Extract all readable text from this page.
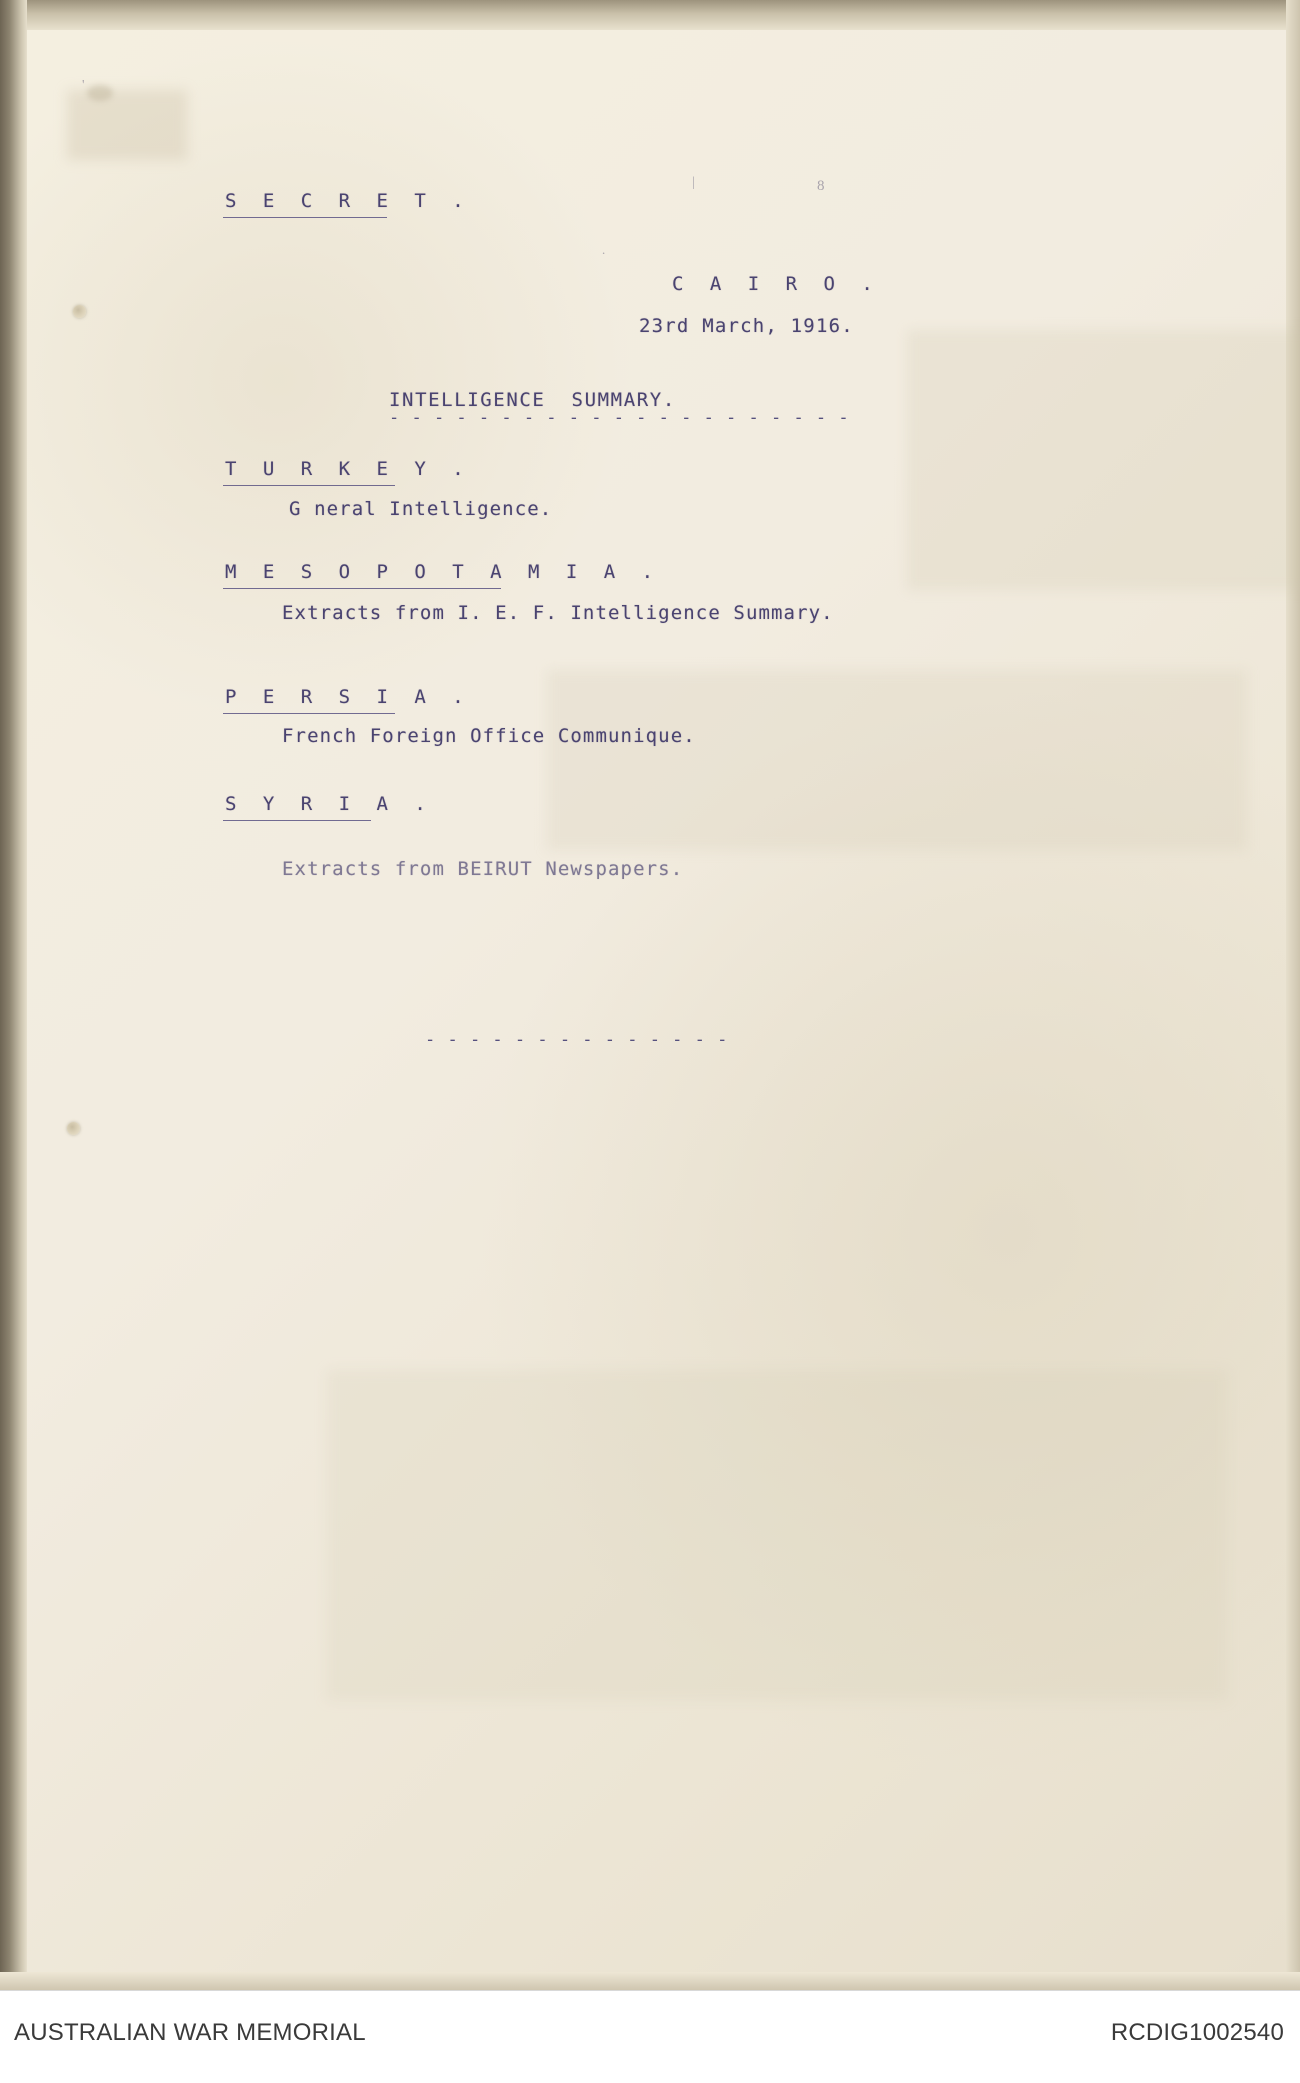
8
|
.
'
S E C R E T .
C A I R O .
23rd March, 1916.
INTELLIGENCE  SUMMARY.
- - - - - - - - - - - - - - - - - - - - -
T U R K E Y .
G neral Intelligence.
M E S O P O T A M I A .
Extracts from I. E. F. Intelligence Summary.
P E R S I A .
French Foreign Office Communique.
S Y R I A .
Extracts from BEIRUT Newspapers.
- - - - - - - - - - - - - -
AUSTRALIAN WAR MEMORIAL	RCDIG1002540
